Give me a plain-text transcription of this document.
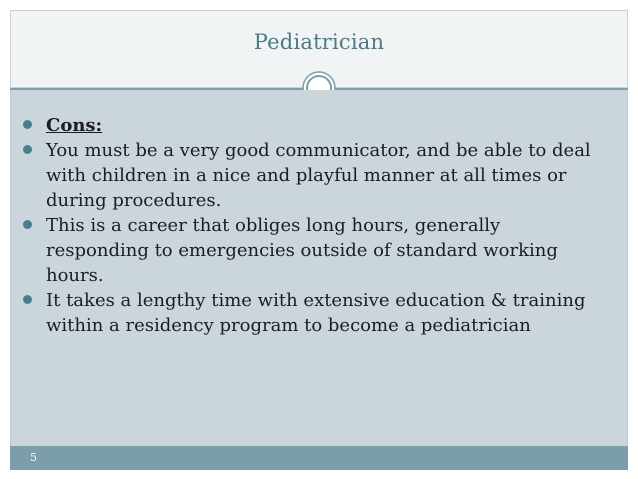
Pediatrician
Cons:
You must be a very good communicator, and be able to deal with children in a nice and playful manner at all times or during procedures.
This is a career that obliges long hours, generally responding to emergencies outside of standard working hours.
It takes a lengthy time with extensive education & training within a residency program to become a pediatrician
5
